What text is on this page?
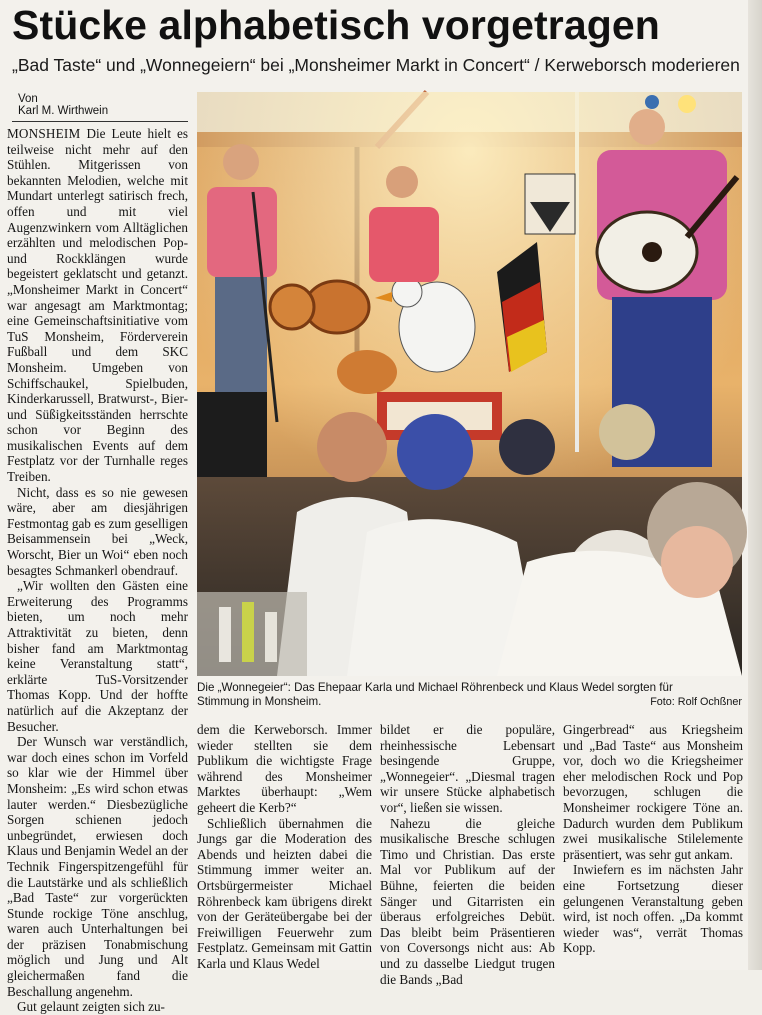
Stücke alphabetisch vorgetragen
„Bad Taste“ und „Wonnegeiern“ bei „Monsheimer Markt in Concert“ / Kerweborsch moderieren
Von
Karl M. Wirthwein

MONSHEIM Die Leute hielt es teilweise nicht mehr auf den Stühlen. Mitgerissen von bekannten Melodien, welche mit Mundart unterlegt satirisch frech, offen und mit viel Augenzwinkern vom Alltäglichen erzählten und melodischen Pop- und Rockklängen wurde begeistert geklatscht und getanzt. „Monsheimer Markt in Concert“ war angesagt am Marktmontag; eine Gemeinschaftsinitiative vom TuS Monsheim, Förderverein Fußball und dem SKC Monsheim. Umgeben von Schiffschaukel, Spielbuden, Kinderkarussell, Bratwurst-, Bier- und Süßigkeitsständen herrschte schon vor Beginn des musikalischen Events auf dem Festplatz vor der Turnhalle reges Treiben.

Nicht, dass es so nie gewesen wäre, aber am diesjährigen Festmontag gab es zum geselligen Beisammensein bei „Weck, Worscht, Bier un Woi“ eben noch besagtes Schmankerl obendrauf.

„Wir wollten den Gästen eine Erweiterung des Programms bieten, um noch mehr Attraktivität zu bieten, denn bisher fand am Marktmontag keine Veranstaltung statt“, erklärte TuS-Vorsitzender Thomas Kopp. Und der hoffte natürlich auf die Akzeptanz der Besucher.

Der Wunsch war verständlich, war doch eines schon im Vorfeld so klar wie der Himmel über Monsheim: „Es wird schon etwas lauter werden.“ Diesbezügliche Sorgen schienen jedoch unbegründet, erwiesen doch Klaus und Benjamin Wedel an der Technik Fingerspitzengefühl für die Lautstärke und als schließlich „Bad Taste“ zur vorgerückten Stunde rockige Töne anschlug, waren auch Unterhaltungen bei der präzisen Tonabmischung möglich und Jung und Alt gleichermaßen fand die Beschallung angenehm.

Gut gelaunt zeigten sich zu-

Die „Wonnegeier“: Das Ehepaar Karla und Michael Röhrenbeck und Klaus Wedel sorgten für
Stimmung in Monsheim.	Foto: Rolf Ochßner

dem die Kerweborsch. Immer wieder stellten sie dem Publikum die wichtigste Frage während des Monsheimer Marktes überhaupt: „Wem geheert die Kerb?“

Schließlich übernahmen die Jungs gar die Moderation des Abends und heizten dabei die Stimmung immer weiter an. Ortsbürgermeister Michael Röhrenbeck kam übrigens direkt von der Geräteübergabe bei der Freiwilligen Feuerwehr zum Festplatz. Gemeinsam mit Gattin Karla und Klaus Wedel

bildet er die populäre, rheinhessische Lebensart besingende Gruppe, „Wonnegeier“. „Diesmal tragen wir unsere Stücke alphabetisch vor“, ließen sie wissen.

Nahezu die gleiche musikalische Bresche schlugen Timo und Christian. Das erste Mal vor Publikum auf der Bühne, feierten die beiden Sänger und Gitarristen ein überaus erfolgreiches Debüt. Das bleibt beim Präsentieren von Coversongs nicht aus: Ab und zu dasselbe Liedgut trugen die Bands „Bad

Gingerbread“ aus Kriegsheim und „Bad Taste“ aus Monsheim vor, doch wo die Kriegsheimer eher melodischen Rock und Pop bevorzugen, schlugen die Monsheimer rockigere Töne an. Dadurch wurden dem Publikum zwei musikalische Stilelemente präsentiert, was sehr gut ankam.

Inwiefern es im nächsten Jahr eine Fortsetzung dieser gelungenen Veranstaltung geben wird, ist noch offen. „Da kommt wieder was“, verrät Thomas Kopp.
